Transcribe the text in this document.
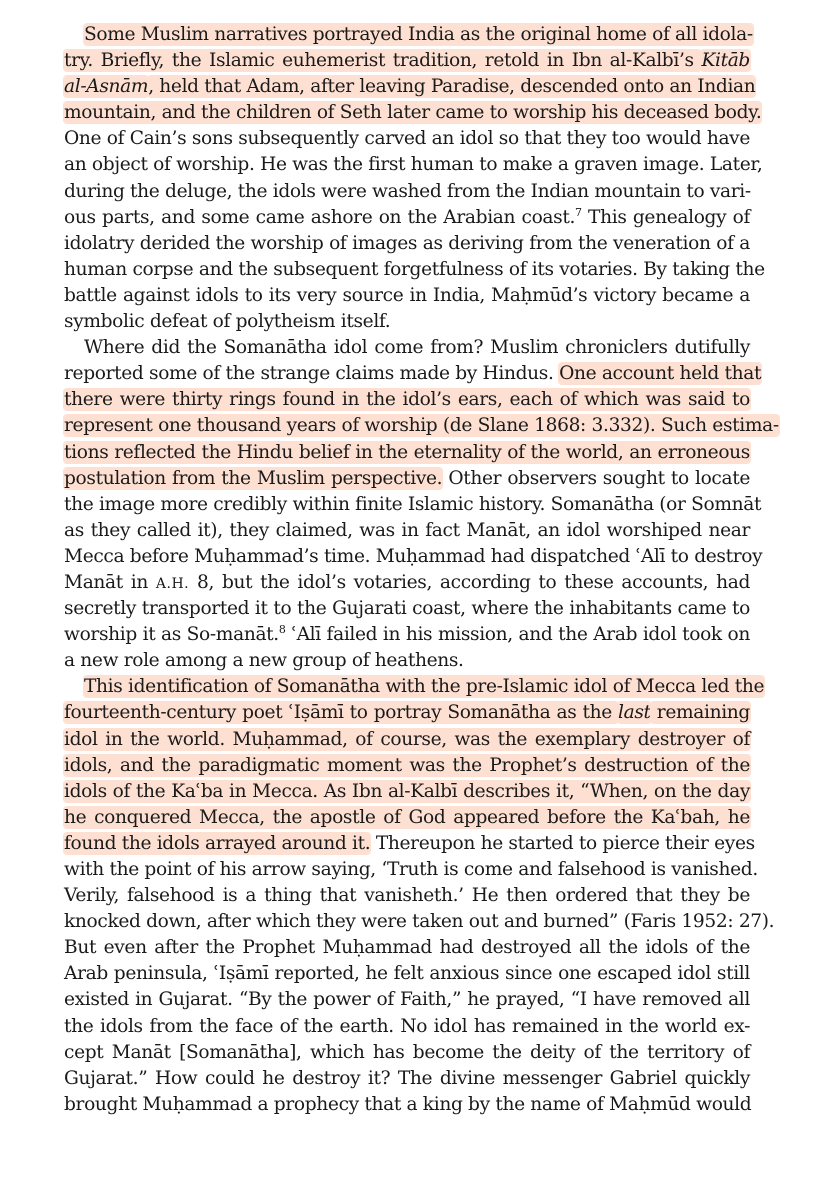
Some Muslim narratives portrayed India as the original home of all idola-
try. Briefly, the Islamic euhemerist tradition, retold in Ibn al-Kalbī’s Kitāb
al-Asnām, held that Adam, after leaving Paradise, descended onto an Indian
mountain, and the children of Seth later came to worship his deceased body.
One of Cain’s sons subsequently carved an idol so that they too would have
an object of worship. He was the first human to make a graven image. Later,
during the deluge, the idols were washed from the Indian mountain to vari-
ous parts, and some came ashore on the Arabian coast.$^7$ This genealogy of
idolatry derided the worship of images as deriving from the veneration of a
human corpse and the subsequent forgetfulness of its votaries. By taking the
battle against idols to its very source in India, Maḥmūd’s victory became a
symbolic defeat of polytheism itself.
Where did the Somanātha idol come from? Muslim chroniclers dutifully
reported some of the strange claims made by Hindus. One account held that
there were thirty rings found in the idol’s ears, each of which was said to
represent one thousand years of worship (de Slane 1868: 3.332). Such estima-
tions reflected the Hindu belief in the eternality of the world, an erroneous
postulation from the Muslim perspective. Other observers sought to locate
the image more credibly within finite Islamic history. Somanātha (or Somnāt
as they called it), they claimed, was in fact Manāt, an idol worshiped near
Mecca before Muḥammad’s time. Muḥammad had dispatched ʿAlī to destroy
Manāt in A.H. 8, but the idol’s votaries, according to these accounts, had
secretly transported it to the Gujarati coast, where the inhabitants came to
worship it as So-manāt.$^8$ ʿAlī failed in his mission, and the Arab idol took on
a new role among a new group of heathens.
This identification of Somanātha with the pre-Islamic idol of Mecca led the
fourteenth-century poet ʿIṣāmī to portray Somanātha as the last remaining
idol in the world. Muḥammad, of course, was the exemplary destroyer of
idols, and the paradigmatic moment was the Prophet’s destruction of the
idols of the Kaʿba in Mecca. As Ibn al-Kalbī describes it, “When, on the day
he conquered Mecca, the apostle of God appeared before the Kaʿbah, he
found the idols arrayed around it. Thereupon he started to pierce their eyes
with the point of his arrow saying, ‘Truth is come and falsehood is vanished.
Verily, falsehood is a thing that vanisheth.’ He then ordered that they be
knocked down, after which they were taken out and burned” (Faris 1952: 27).
But even after the Prophet Muḥammad had destroyed all the idols of the
Arab peninsula, ʿIṣāmī reported, he felt anxious since one escaped idol still
existed in Gujarat. “By the power of Faith,” he prayed, “I have removed all
the idols from the face of the earth. No idol has remained in the world ex-
cept Manāt [Somanātha], which has become the deity of the territory of
Gujarat.” How could he destroy it? The divine messenger Gabriel quickly
brought Muḥammad a prophecy that a king by the name of Maḥmūd would
